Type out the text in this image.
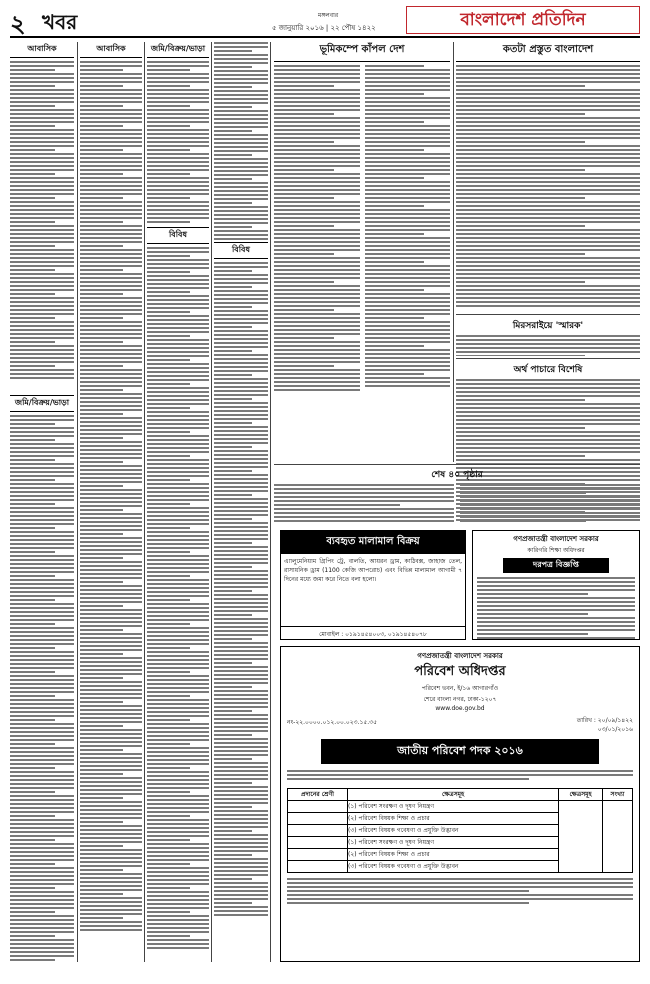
২ খবর	মঙ্গলবার
৫ জানুয়ারি ২০১৬ | ২২ পৌষ ১৪২২	বাংলাদেশ প্রতিদিন
আবাসিক
জমি/বিক্রয়/ভাড়া
আবাসিক	জমি/বিক্রয়/ভাড়া
বিবিধ
বিবিধ
ভূমিকম্পে কাঁপল দেশ	কতটা প্রস্তুত বাংলাদেশ
মিরসরাইয়ে 'স্মারক'
অর্থ পাচারে বিশেষি
শেষ ৪০ পৃষ্ঠার
ব্যবহৃত মালামাল বিক্রয়
এ্যালুমেনিয়াম গ্রিপিং ট্রে, বালতি, আয়রন ড্রাম, কাঠিবক্স, জাহাজ তেল, রাসায়নিক ড্রাম (1100 কেজি আপরোচ) এবং বিভিন্ন মালামাল আগামী ৭ দিনের মধ্যে জমা করে নিতে বলা হলো।
মোবাইল : ০১৯১৪৫৪০০৩, ০১৯১৪৫৪০৭৮
গণপ্রজাতন্ত্রী বাংলাদেশ সরকার
কারিগরি শিক্ষা অধিদপ্তর
দরপত্র বিজ্ঞপ্তি
গণপ্রজাতন্ত্রী বাংলাদেশ সরকার
পরিবেশ অধিদপ্তর
পরিবেশ ভবন, ই/১৬ আগারগাঁও
শেরে বাংলা নগর, ঢাকা-১২০৭
www.doe.gov.bd
নং-২২.০০০০.০১২.০০.০২৩.১৫.৩৫	তারিখ : ২০/০৯/১৪২২
০৩/০১/২০১৬
জাতীয় পরিবেশ পদক ২০১৬
প্রদানের শ্রেণী	ক্ষেত্রসমূহ	ক্ষেত্রসমূহ	সংখ্যা
	(১) পরিবেশ সংরক্ষণ ও দূষণ নিয়ন্ত্রণ		
	(২) পরিবেশ বিষয়ক শিক্ষা ও প্রচার		
	(৩) পরিবেশ বিষয়ক গবেষণা ও প্রযুক্তি উদ্ভাবন		
	(১) পরিবেশ সংরক্ষণ ও দূষণ নিয়ন্ত্রণ		
	(২) পরিবেশ বিষয়ক শিক্ষা ও প্রচার		
	(৩) পরিবেশ বিষয়ক গবেষণা ও প্রযুক্তি উদ্ভাবন		
